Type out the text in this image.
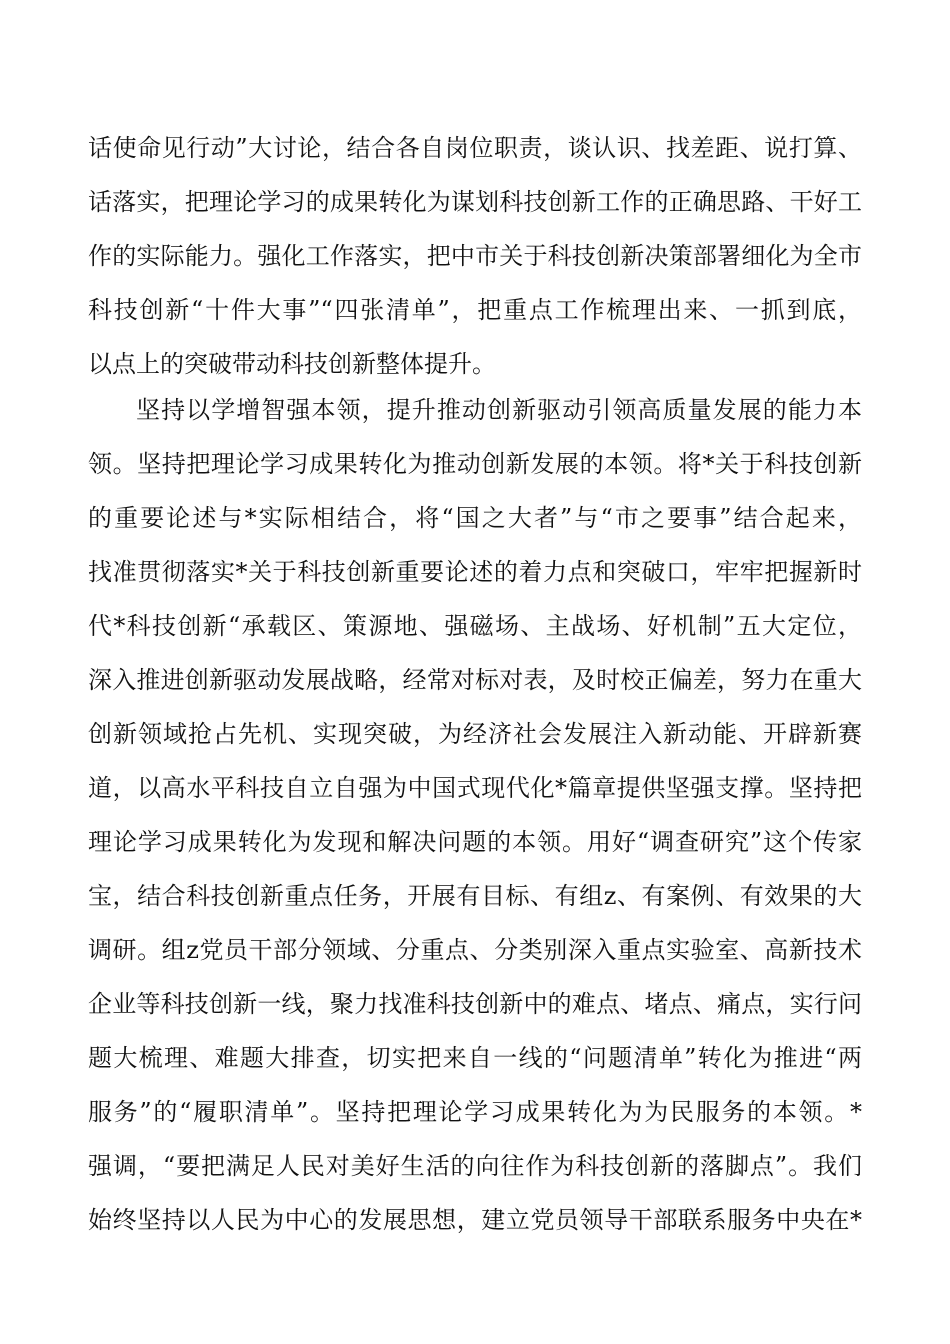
话使命见行动”大讨论，结合各自岗位职责，谈认识、找差距、说打算、
话落实，把理论学习的成果转化为谋划科技创新工作的正确思路、干好工
作的实际能力。强化工作落实，把中市关于科技创新决策部署细化为全市
科技创新“十件大事”“四张清单”，把重点工作梳理出来、一抓到底，
以点上的突破带动科技创新整体提升。
坚持以学增智强本领，提升推动创新驱动引领高质量发展的能力本
领。坚持把理论学习成果转化为推动创新发展的本领。将*关于科技创新
的重要论述与*实际相结合，将“国之大者”与“市之要事”结合起来，
找准贯彻落实*关于科技创新重要论述的着力点和突破口，牢牢把握新时
代*科技创新“承载区、策源地、强磁场、主战场、好机制”五大定位，
深入推进创新驱动发展战略，经常对标对表，及时校正偏差，努力在重大
创新领域抢占先机、实现突破，为经济社会发展注入新动能、开辟新赛
道，以高水平科技自立自强为中国式现代化*篇章提供坚强支撑。坚持把
理论学习成果转化为发现和解决问题的本领。用好“调查研究”这个传家
宝，结合科技创新重点任务，开展有目标、有组z、有案例、有效果的大
调研。组z党员干部分领域、分重点、分类别深入重点实验室、高新技术
企业等科技创新一线，聚力找准科技创新中的难点、堵点、痛点，实行问
题大梳理、难题大排查，切实把来自一线的“问题清单”转化为推进“两
服务”的“履职清单”。坚持把理论学习成果转化为为民服务的本领。*
强调，“要把满足人民对美好生活的向往作为科技创新的落脚点”。我们
始终坚持以人民为中心的发展思想，建立党员领导干部联系服务中央在*
